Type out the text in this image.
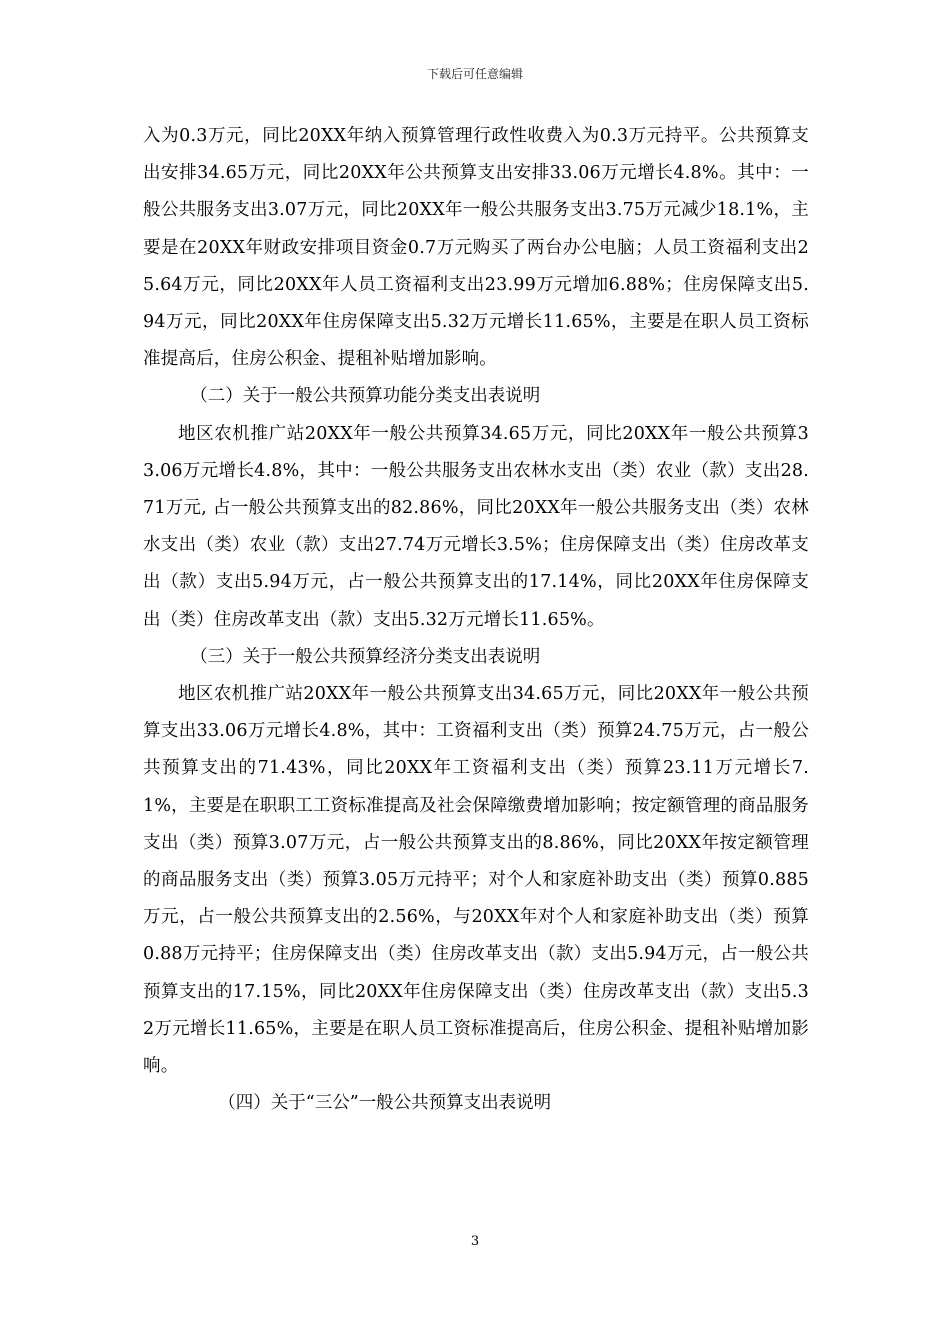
下载后可任意编辑

入为0.3万元，同比20XX年纳入预算管理行政性收费入为0.3万元持平。公共预算支出安排34.65万元，同比20XX年公共预算支出安排33.06万元增长4.8%。其中：一般公共服务支出3.07万元，同比20XX年一般公共服务支出3.75万元减少18.1%，主要是在20XX年财政安排项目资金0.7万元购买了两台办公电脑；人员工资福利支出25.64万元，同比20XX年人员工资福利支出23.99万元增加6.88%；住房保障支出5.94万元，同比20XX年住房保障支出5.32万元增长11.65%，主要是在职人员工资标准提高后，住房公积金、提租补贴增加影响。

（二）关于一般公共预算功能分类支出表说明

地区农机推广站20XX年一般公共预算34.65万元，同比20XX年一般公共预算33.06万元增长4.8%，其中：一般公共服务支出农林水支出（类）农业（款）支出28.71万元, 占一般公共预算支出的82.86%，同比20XX年一般公共服务支出（类）农林水支出（类）农业（款）支出27.74万元增长3.5%；住房保障支出（类）住房改革支出（款）支出5.94万元，占一般公共预算支出的17.14%，同比20XX年住房保障支出（类）住房改革支出（款）支出5.32万元增长11.65%。

（三）关于一般公共预算经济分类支出表说明

地区农机推广站20XX年一般公共预算支出34.65万元，同比20XX年一般公共预算支出33.06万元增长4.8%，其中：工资福利支出（类）预算24.75万元，占一般公共预算支出的71.43%，同比20XX年工资福利支出（类）预算23.11万元增长7.1%，主要是在职职工工资标准提高及社会保障缴费增加影响；按定额管理的商品服务支出（类）预算3.07万元，占一般公共预算支出的8.86%，同比20XX年按定额管理的商品服务支出（类）预算3.05万元持平；对个人和家庭补助支出（类）预算0.885万元，占一般公共预算支出的2.56%，与20XX年对个人和家庭补助支出（类）预算0.88万元持平；住房保障支出（类）住房改革支出（款）支出5.94万元，占一般公共预算支出的17.15%，同比20XX年住房保障支出（类）住房改革支出（款）支出5.32万元增长11.65%，主要是在职人员工资标准提高后，住房公积金、提租补贴增加影响。

（四）关于“三公”一般公共预算支出表说明

3
